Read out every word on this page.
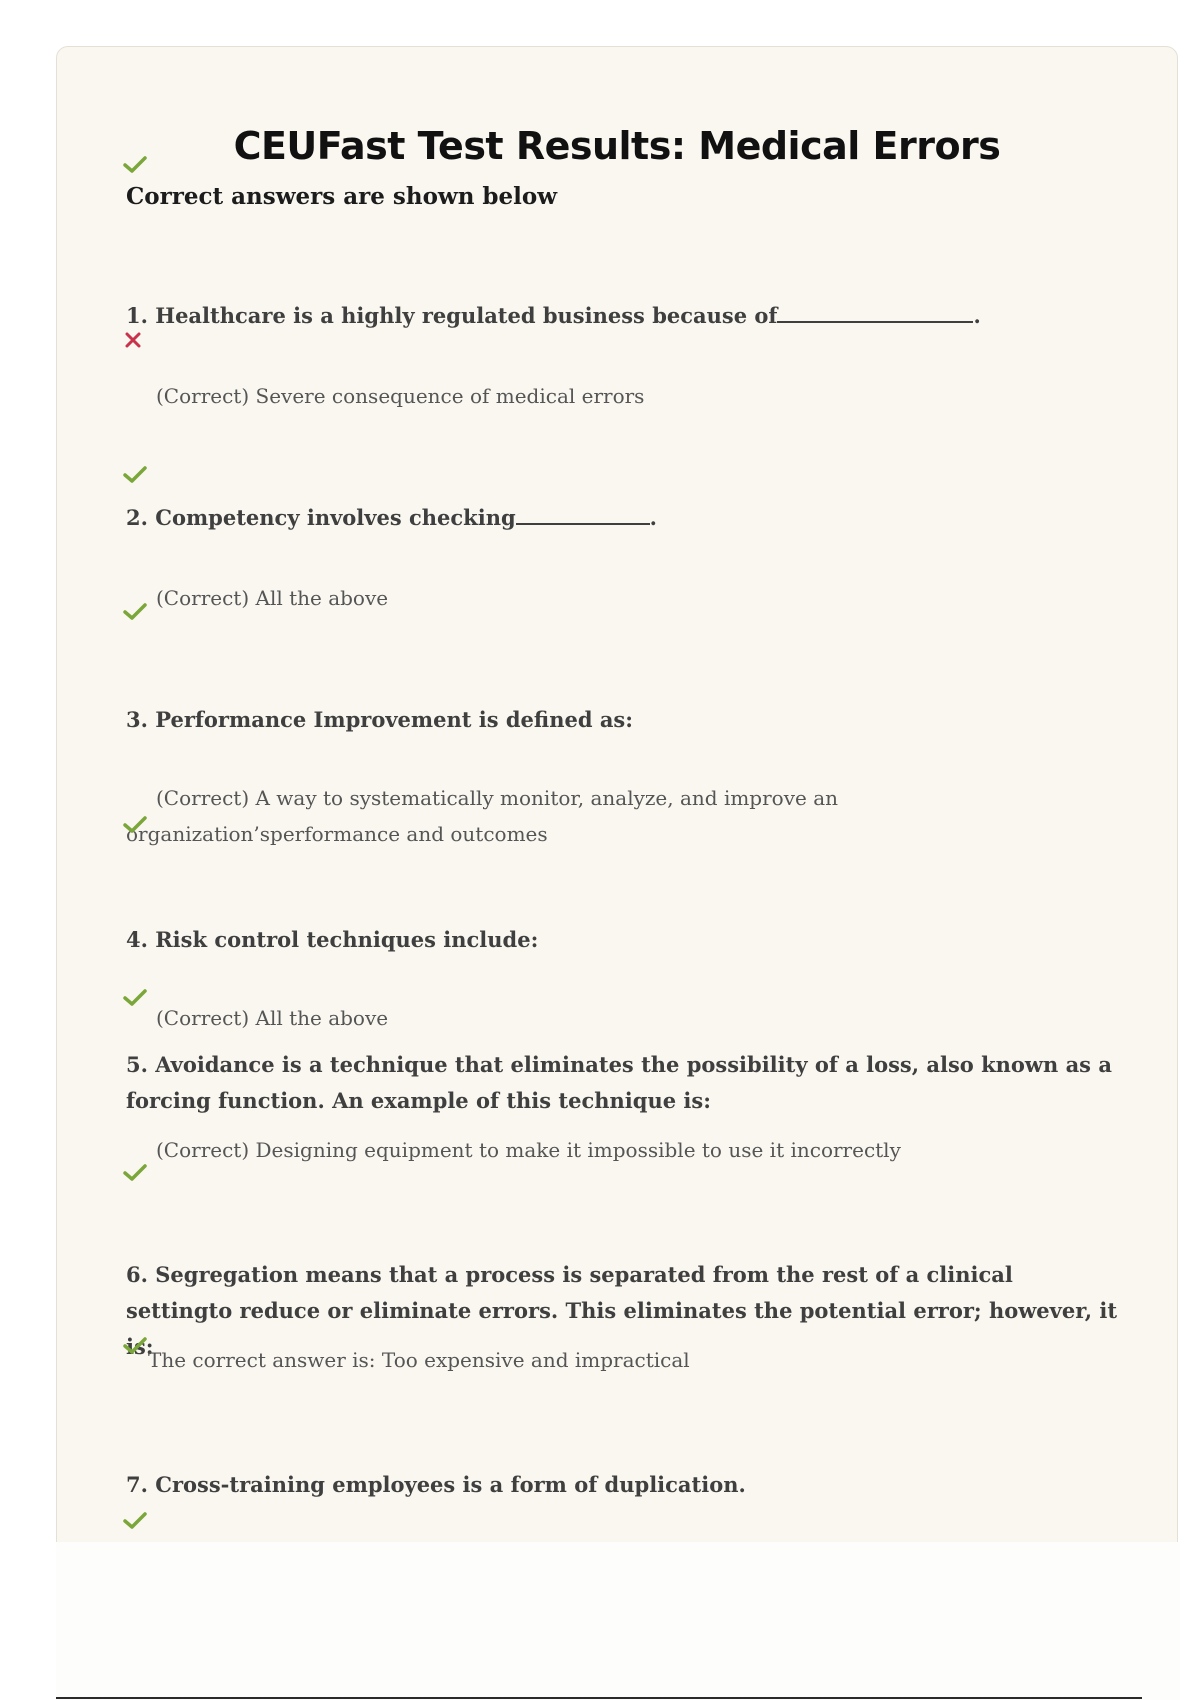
CEUFast Test Results: Medical Errors

Correct answers are shown below

1. Healthcare is a highly regulated business because of	.

(Correct) Severe consequence of medical errors

2. Competency involves checking	.

(Correct) All the above

3. Performance Improvement is defined as:

(Correct) A way to systematically monitor, analyze, and improve an organization’sperformance and outcomes

4. Risk control techniques include:

(Correct) All the above

5. Avoidance is a technique that eliminates the possibility of a loss, also known as a forcing function. An example of this technique is:

(Correct) Designing equipment to make it impossible to use it incorrectly

6. Segregation means that a process is separated from the rest of a clinical settingto reduce or eliminate errors. This eliminates the potential error; however, it is:

The correct answer is: Too expensive and impractical

7. Cross-training employees is a form of duplication.
